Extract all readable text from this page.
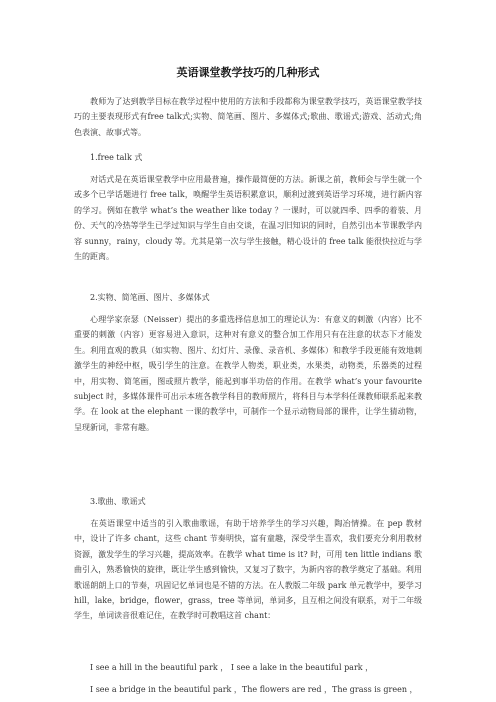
英语课堂教学技巧的几种形式

教师为了达到教学目标在教学过程中使用的方法和手段都称为课堂教学技巧，英语课堂教学技巧的主要表现形式有free talk式;实物、简笔画、图片、多媒体式;歌曲、歌谣式;游戏、活动式;角色表演、故事式等。

1.free talk 式

对话式是在英语课堂教学中应用最普遍，操作最简便的方法。新课之前，教师会与学生就一个或多个已学话题进行 free talk，唤醒学生英语积累意识，顺利过渡到英语学习环境，进行新内容的学习。例如在教学 what’s the weather like today ？一课时，可以就四季、四季的着装、月份、天气的冷热等学生已学过知识与学生自由交谈，在温习旧知识的同时，自然引出本节课教学内容 sunny，rainy，cloudy 等。尤其是第一次与学生接触，精心设计的 free talk 能很快拉近与学生的距离。

2.实物、简笔画、图片、多媒体式

心理学家奈瑟（Neisser）提出的多重选择信息加工的理论认为：有意义的刺激（内容）比不重要的刺激（内容）更容易进入意识，这种对有意义的整合加工作用只有在注意的状态下才能发生。利用直观的教具（如实物、图片、幻灯片、录像、录音机、多媒体）和教学手段更能有效地刺激学生的神经中枢，吸引学生的注意。在教学人物类，职业类，水果类，动物类，乐器类的过程中，用实物、简笔画，图或照片教学，能起到事半功倍的作用。在教学 what’s your favourite subject 时，多媒体课件可出示本班各教学科目的教师照片，将科目与本学科任课教师联系起来教学。在 look at the elephant 一课的教学中，可制作一个显示动物局部的课件，让学生猜动物，呈现新词，非常有趣。

3.歌曲、歌谣式

在英语课堂中适当的引入歌曲歌谣，有助于培养学生的学习兴趣，陶冶情操。在 pep 教材中，设计了许多 chant，这些 chant 节奏明快，富有童趣，深受学生喜欢，我们要充分利用教材资源，激发学生的学习兴趣，提高效率。在教学 what time is it? 时，可用 ten little indians 歌曲引入，熟悉愉快的旋律，既让学生感到愉快，又复习了数字，为新内容的教学奠定了基础。利用歌谣朗朗上口的节奏，巩固记忆单词也是不错的方法。在人教版二年级 park 单元教学中，要学习 hill，lake，bridge，flower，grass，tree 等单词，单词多，且互相之间没有联系，对于二年级学生，单词读音很难记住，在教学时可教唱这首 chant：

I see a hill in the beautiful park ， I see a lake in the beautiful park ，
I see a bridge in the beautiful park ，The flowers are red ，The grass is green ，
